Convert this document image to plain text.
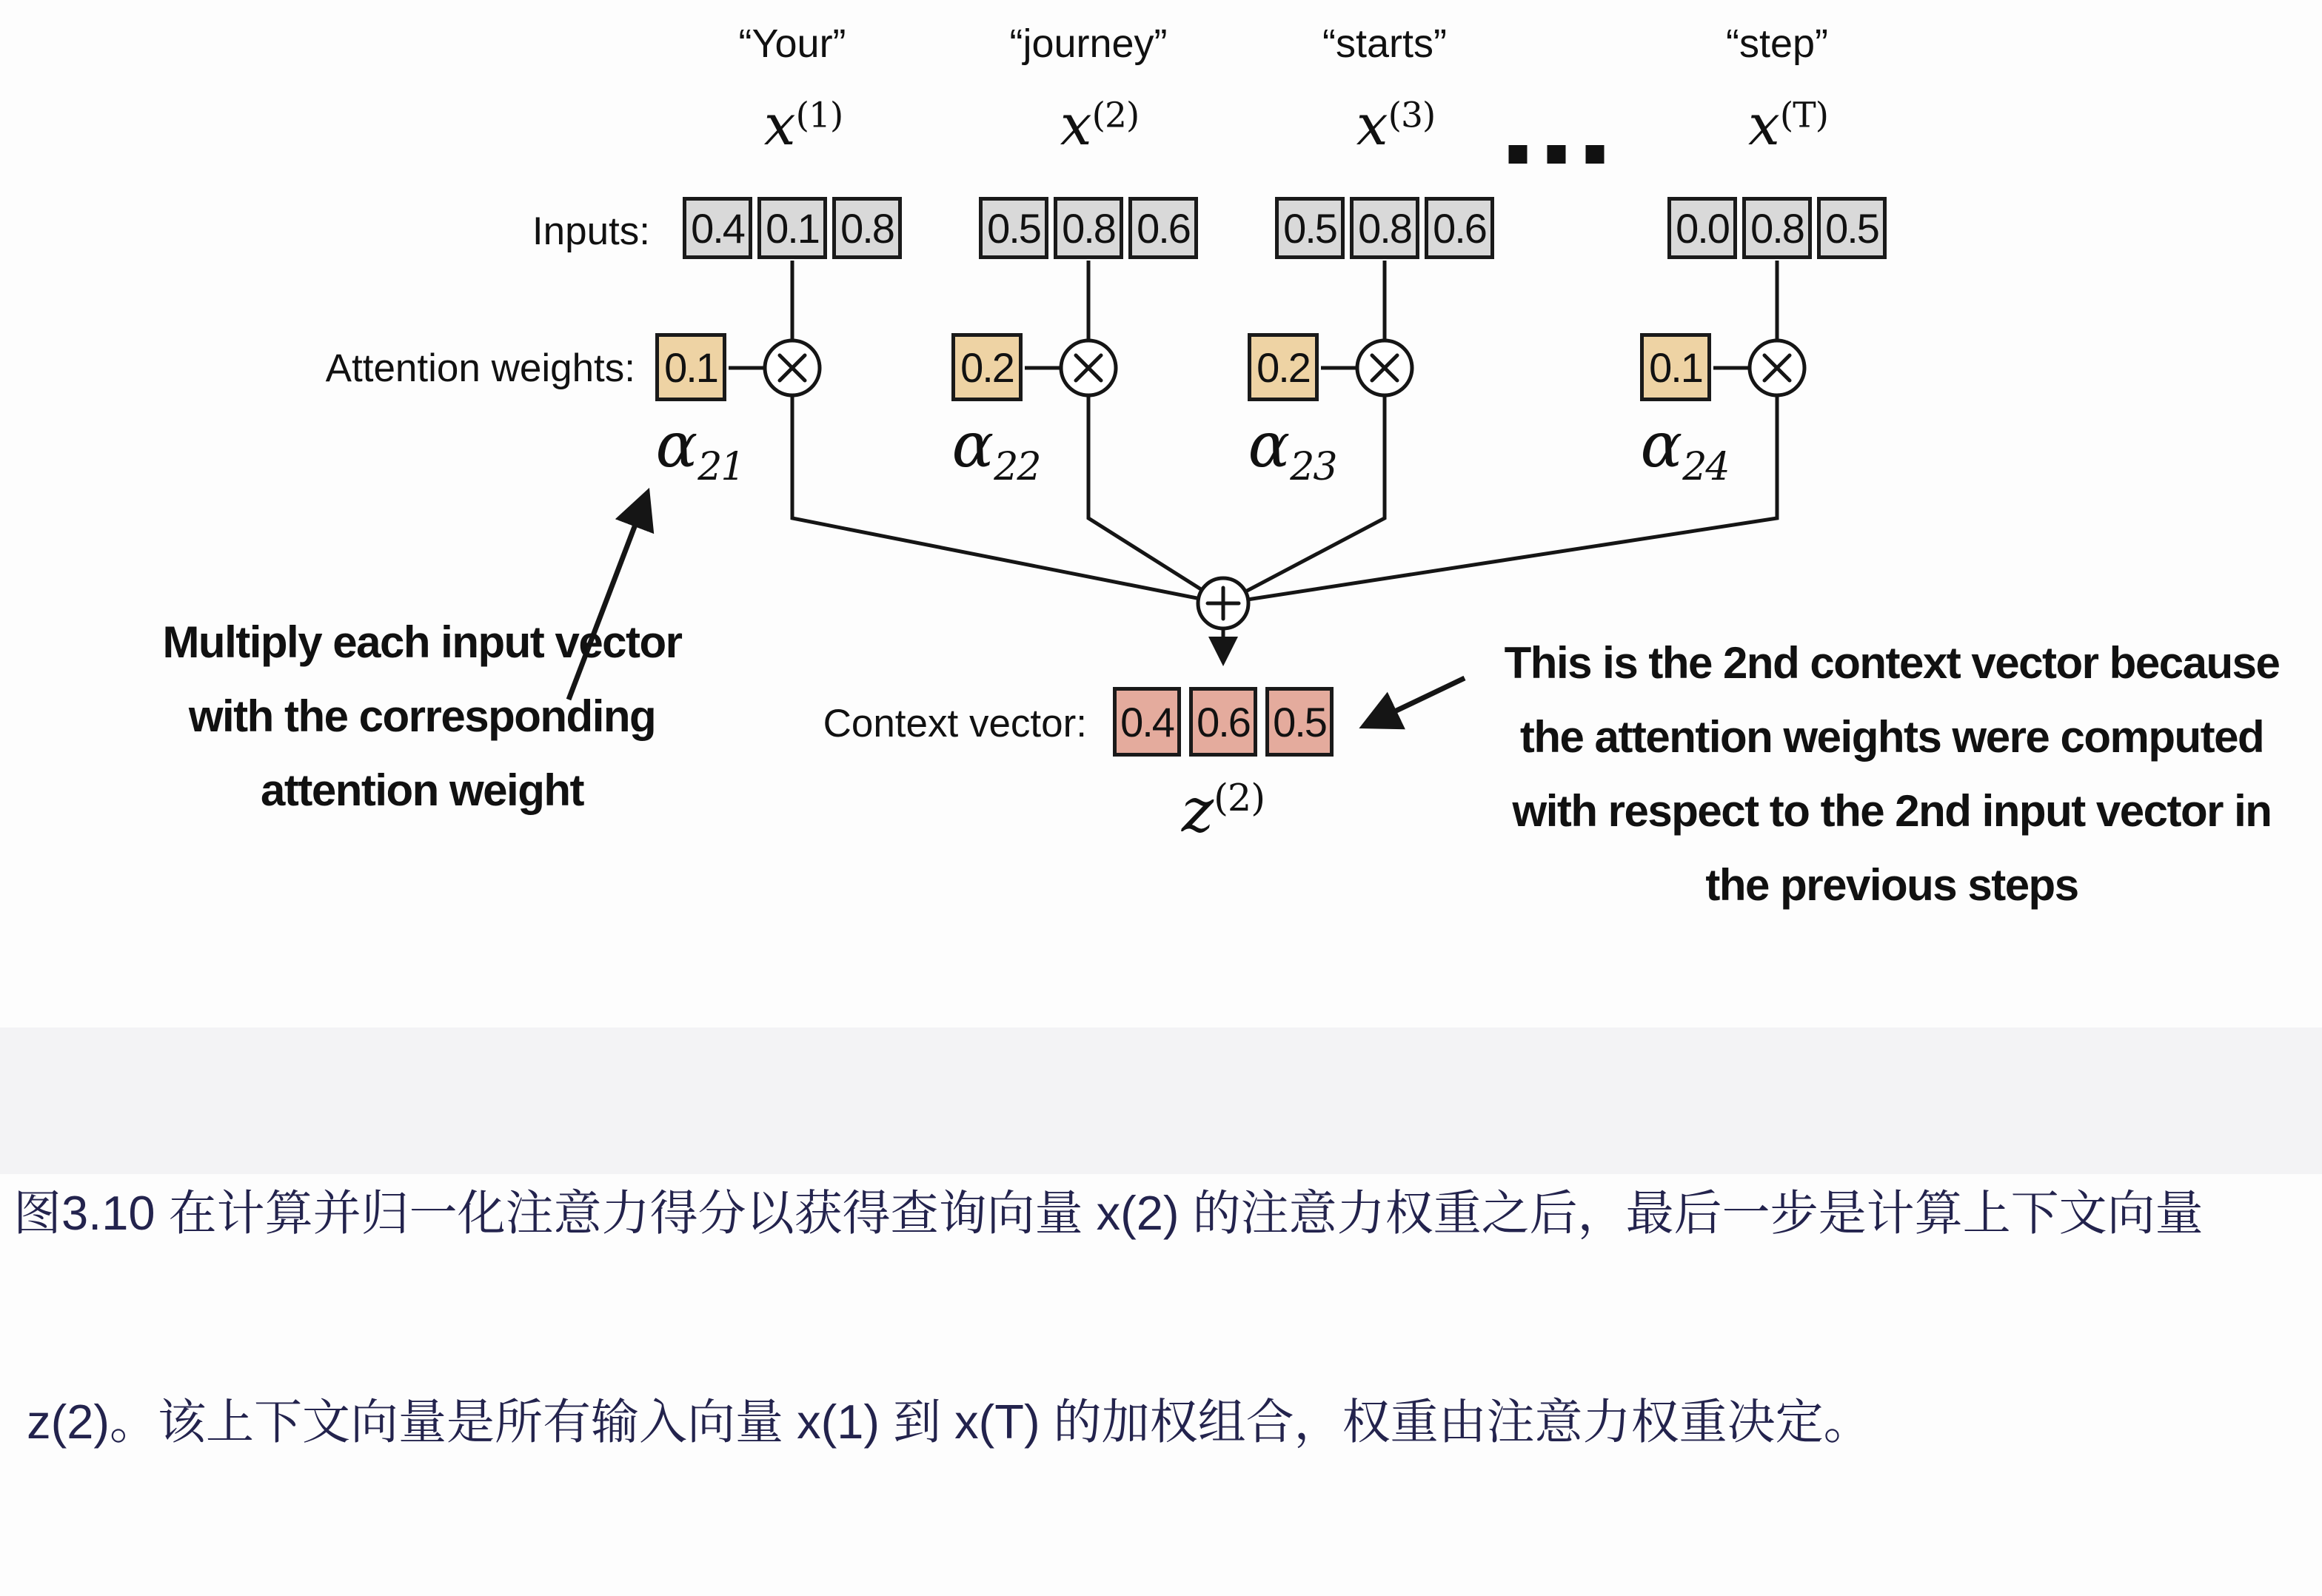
“Your”
$x^{(1)}$
0.4 0.1 0.8
0.1
$\alpha_{21}$
“journey”
$x^{(2)}$
0.5 0.8 0.6
0.2
$\alpha_{22}$
“starts”
$x^{(3)}$
0.5 0.8 0.6
0.2
$\alpha_{23}$
“step”
$x^{(T)}$
0.0 0.8 0.5
0.1
$\alpha_{24}$
Inputs:
Attention weights:
Context vector: 0.4 0.6 0.5
$z^{(2)}$
Multiply each input vector
with the corresponding
attention weight
This is the 2nd context vector because
the attention weights were computed
with respect to the 2nd input vector in
the previous steps

图3.10 在计算并归一化注意力得分以获得查询向量 x(2) 的注意力权重之后，最后一步是计算上下文向量

z(2)。该上下文向量是所有输入向量 x(1) 到 x(T) 的加权组合，权重由注意力权重决定。
